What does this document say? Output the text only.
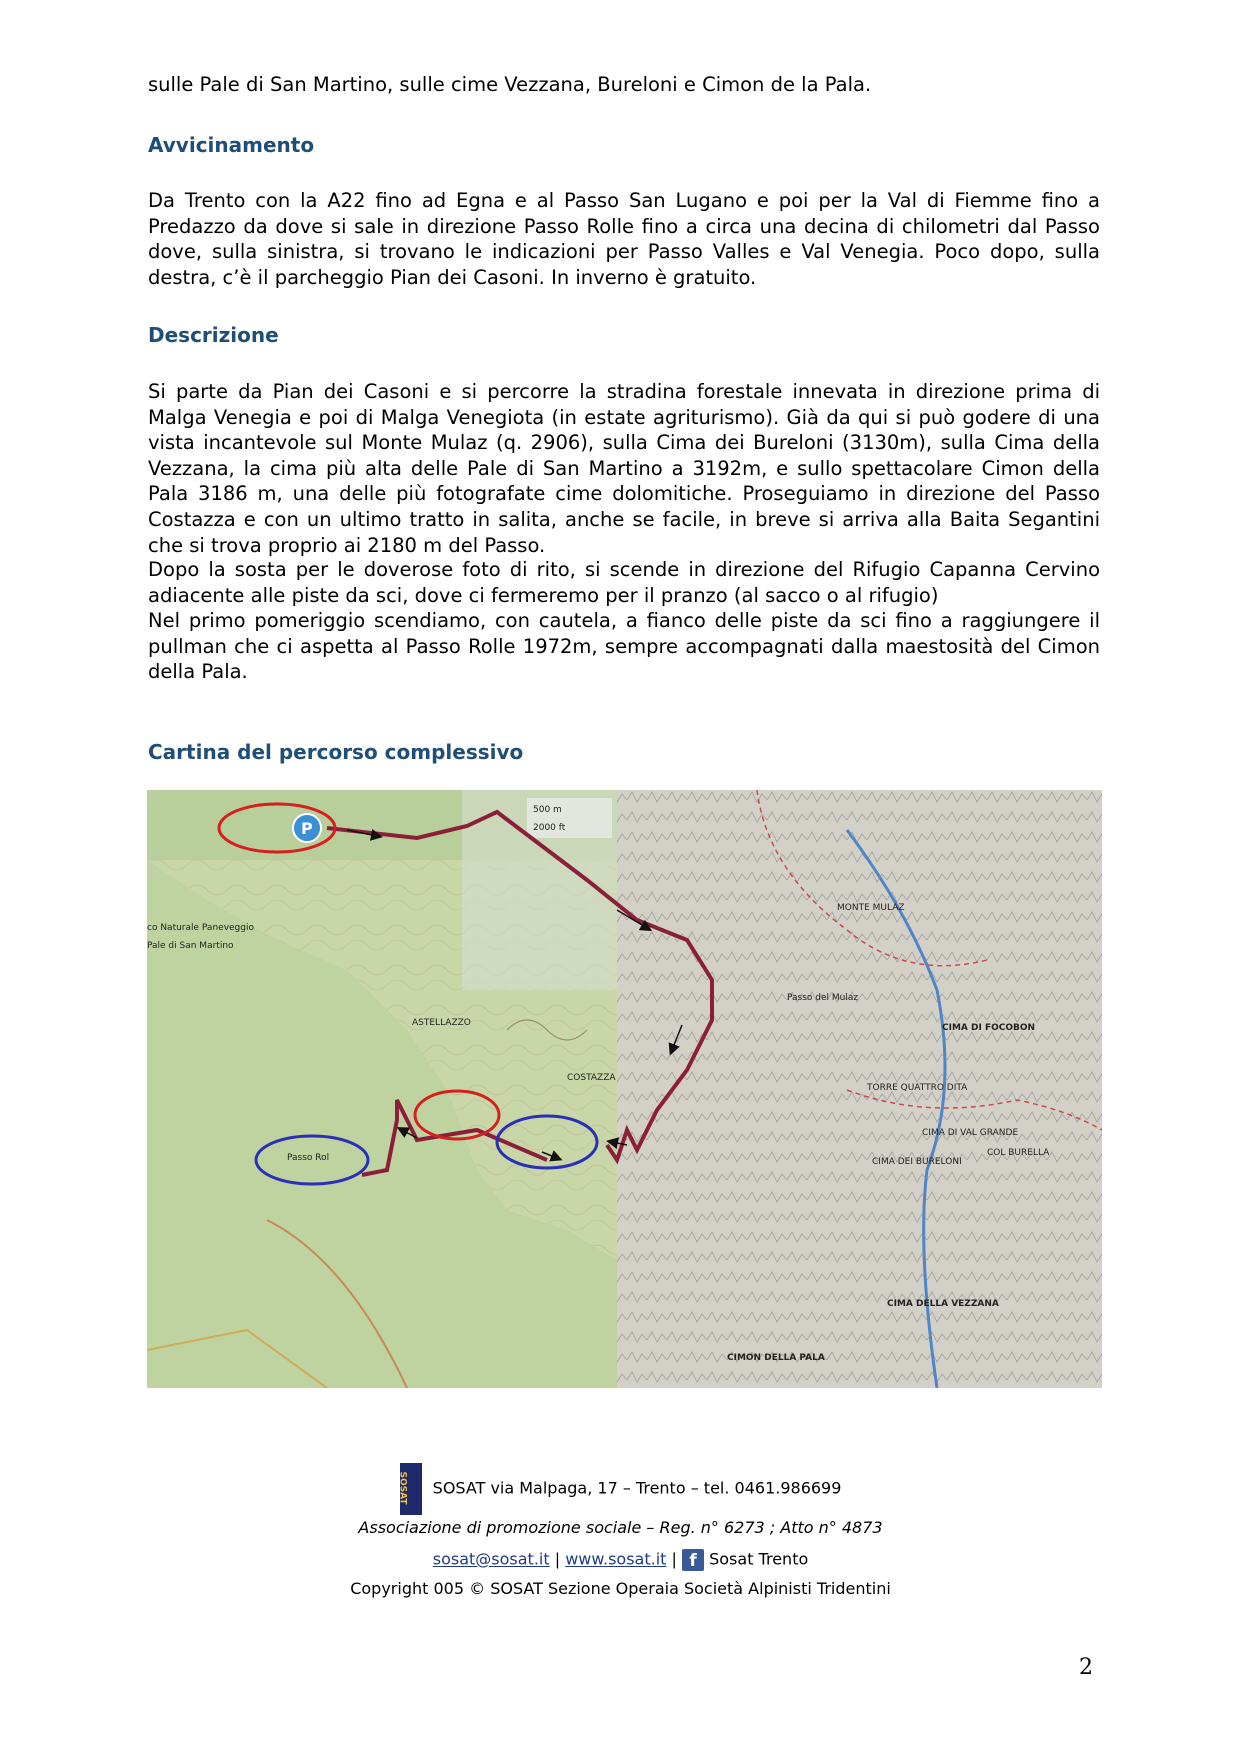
sulle Pale di San Martino, sulle cime Vezzana, Bureloni e Cimon de la Pala.
Avvicinamento
Da Trento con la A22 fino ad Egna e al Passo San Lugano e poi per la Val di Fiemme fino a Predazzo da dove si sale in direzione Passo Rolle fino a circa una decina di chilometri dal Passo dove, sulla sinistra, si trovano le indicazioni per Passo Valles e Val Venegia. Poco dopo, sulla destra, c’è il parcheggio Pian dei Casoni. In inverno è gratuito.
Descrizione
Si parte da Pian dei Casoni e si percorre la stradina forestale innevata in direzione prima di Malga Venegia e poi di Malga Venegiota (in estate agriturismo). Già da qui si può godere di una vista incantevole sul Monte Mulaz (q. 2906), sulla Cima dei Bureloni (3130m), sulla Cima della Vezzana, la cima più alta delle Pale di San Martino a 3192m, e sullo spettacolare Cimon della Pala 3186 m, una delle più fotografate cime dolomitiche. Proseguiamo in direzione del Passo Costazza e con un ultimo tratto in salita, anche se facile, in breve si arriva alla Baita Segantini che si trova proprio ai 2180 m del Passo.
Dopo la sosta per le doverose foto di rito, si scende in direzione del Rifugio Capanna Cervino adiacente alle piste da sci, dove ci fermeremo per il pranzo (al sacco o al rifugio)
Nel primo pomeriggio scendiamo, con cautela, a fianco delle piste da sci fino a raggiungere il pullman che ci aspetta al Passo Rolle 1972m, sempre accompagnati dalla maestosità del Cimon della Pala.
Cartina del percorso complessivo
500 m
2000 ft
co Naturale Paneveggio
Pale di San Martino
ASTELLAZZO
COSTAZZA
Passo Rol
MONTE MULAZ
Passo del Mulaz
CIMA DI FOCOBON
TORRE QUATTRO DITA
CIMA DI VAL GRANDE
COL BURELLA
CIMA DEI BURELONI
CIMA DELLA VEZZANA
CIMON DELLA PALA
P
SOSAT SOSAT via Malpaga, 17 – Trento – tel. 0461.986699
Associazione di promozione sociale – Reg. n° 6273 ; Atto n° 4873
sosat@sosat.it | www.sosat.it | f Sosat Trento
Copyright 005 © SOSAT Sezione Operaia Società Alpinisti Tridentini
2
